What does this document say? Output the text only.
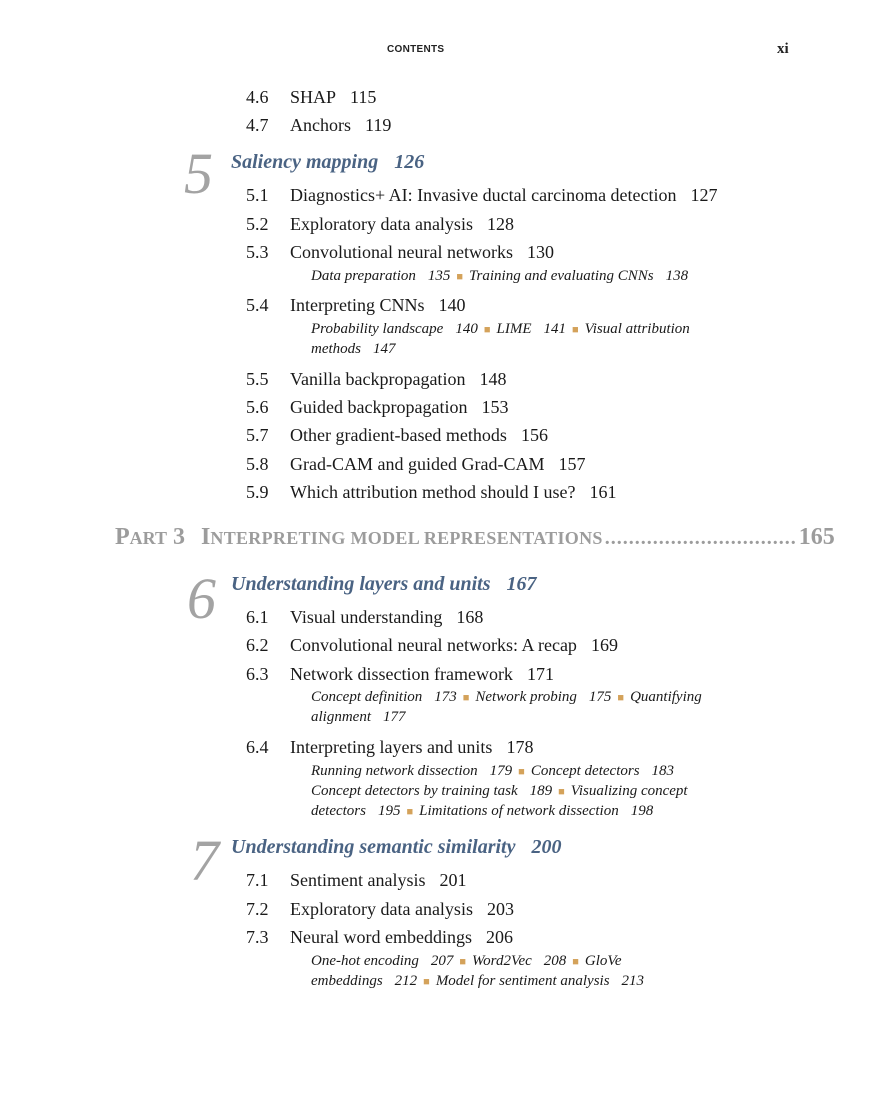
CONTENTS	xi
4.6 SHAP 115
4.7 Anchors 119
5 Saliency mapping 126
5.1 Diagnostics+ AI: Invasive ductal carcinoma detection 127
5.2 Exploratory data analysis 128
5.3 Convolutional neural networks 130
Data preparation 135 ■ Training and evaluating CNNs 138
5.4 Interpreting CNNs 140
Probability landscape 140 ■ LIME 141 ■ Visual attribution
methods 147
5.5 Vanilla backpropagation 148
5.6 Guided backpropagation 153
5.7 Other gradient-based methods 156
5.8 Grad-CAM and guided Grad-CAM 157
5.9 Which attribution method should I use? 161
PART 3 INTERPRETING MODEL REPRESENTATIONS ................................ 165
6 Understanding layers and units 167
6.1 Visual understanding 168
6.2 Convolutional neural networks: A recap 169
6.3 Network dissection framework 171
Concept definition 173 ■ Network probing 175 ■ Quantifying
alignment 177
6.4 Interpreting layers and units 178
Running network dissection 179 ■ Concept detectors 183
Concept detectors by training task 189 ■ Visualizing concept
detectors 195 ■ Limitations of network dissection 198
7 Understanding semantic similarity 200
7.1 Sentiment analysis 201
7.2 Exploratory data analysis 203
7.3 Neural word embeddings 206
One-hot encoding 207 ■ Word2Vec 208 ■ GloVe
embeddings 212 ■ Model for sentiment analysis 213
